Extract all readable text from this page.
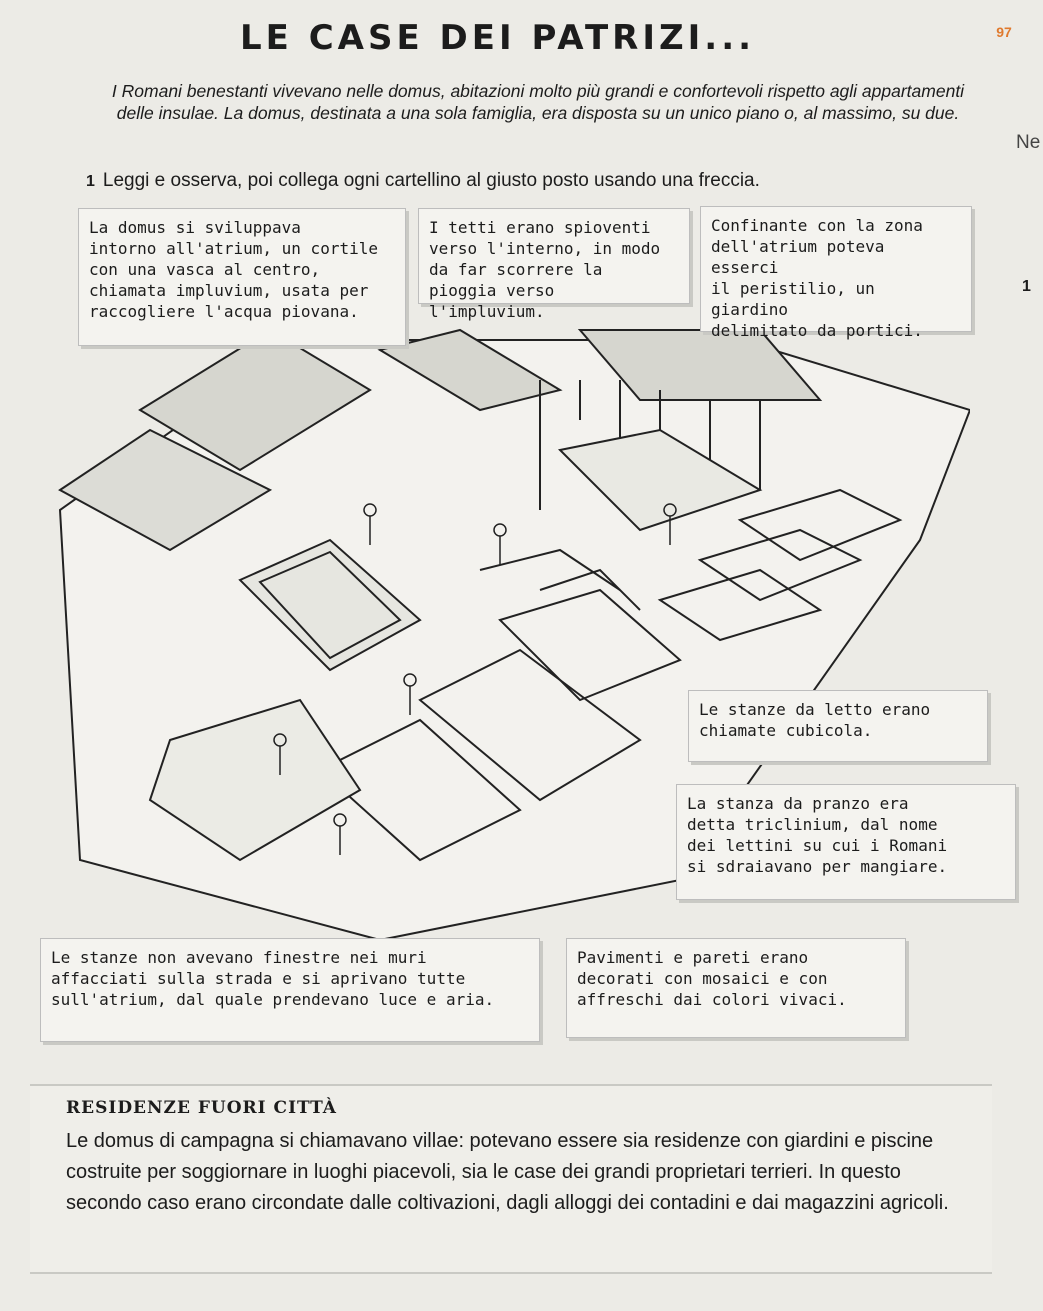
LE CASE DEI PATRIZI...	97
I Romani benestanti vivevano nelle domus, abitazioni molto più grandi e confortevoli rispetto agli appartamenti delle insulae. La domus, destinata a una sola famiglia, era disposta su un unico piano o, al massimo, su due.
Ne
1 Leggi e osserva, poi collega ogni cartellino al giusto posto usando una freccia.
1
La domus si sviluppava
intorno all'atrium, un cortile
con una vasca al centro,
chiamata impluvium, usata per
raccogliere l'acqua piovana.
I tetti erano spioventi
verso l'interno, in modo
da far scorrere la
pioggia verso l'impluvium.
Confinante con la zona
dell'atrium poteva esserci
il peristilio, un giardino
delimitato da portici.
Le stanze da letto erano
chiamate cubicola.
La stanza da pranzo era
detta triclinium, dal nome
dei lettini su cui i Romani
si sdraiavano per mangiare.
Le stanze non avevano finestre nei muri
affacciati sulla strada e si aprivano tutte
sull'atrium, dal quale prendevano luce e aria.
Pavimenti e pareti erano
decorati con mosaici e con
affreschi dai colori vivaci.
RESIDENZE FUORI CITTÀ
Le domus di campagna si chiamavano villae: potevano essere sia residenze con giardini e piscine costruite per soggiornare in luoghi piacevoli, sia le case dei grandi proprietari terrieri. In questo secondo caso erano circondate dalle coltivazioni, dagli alloggi dei contadini e dai magazzini agricoli.
